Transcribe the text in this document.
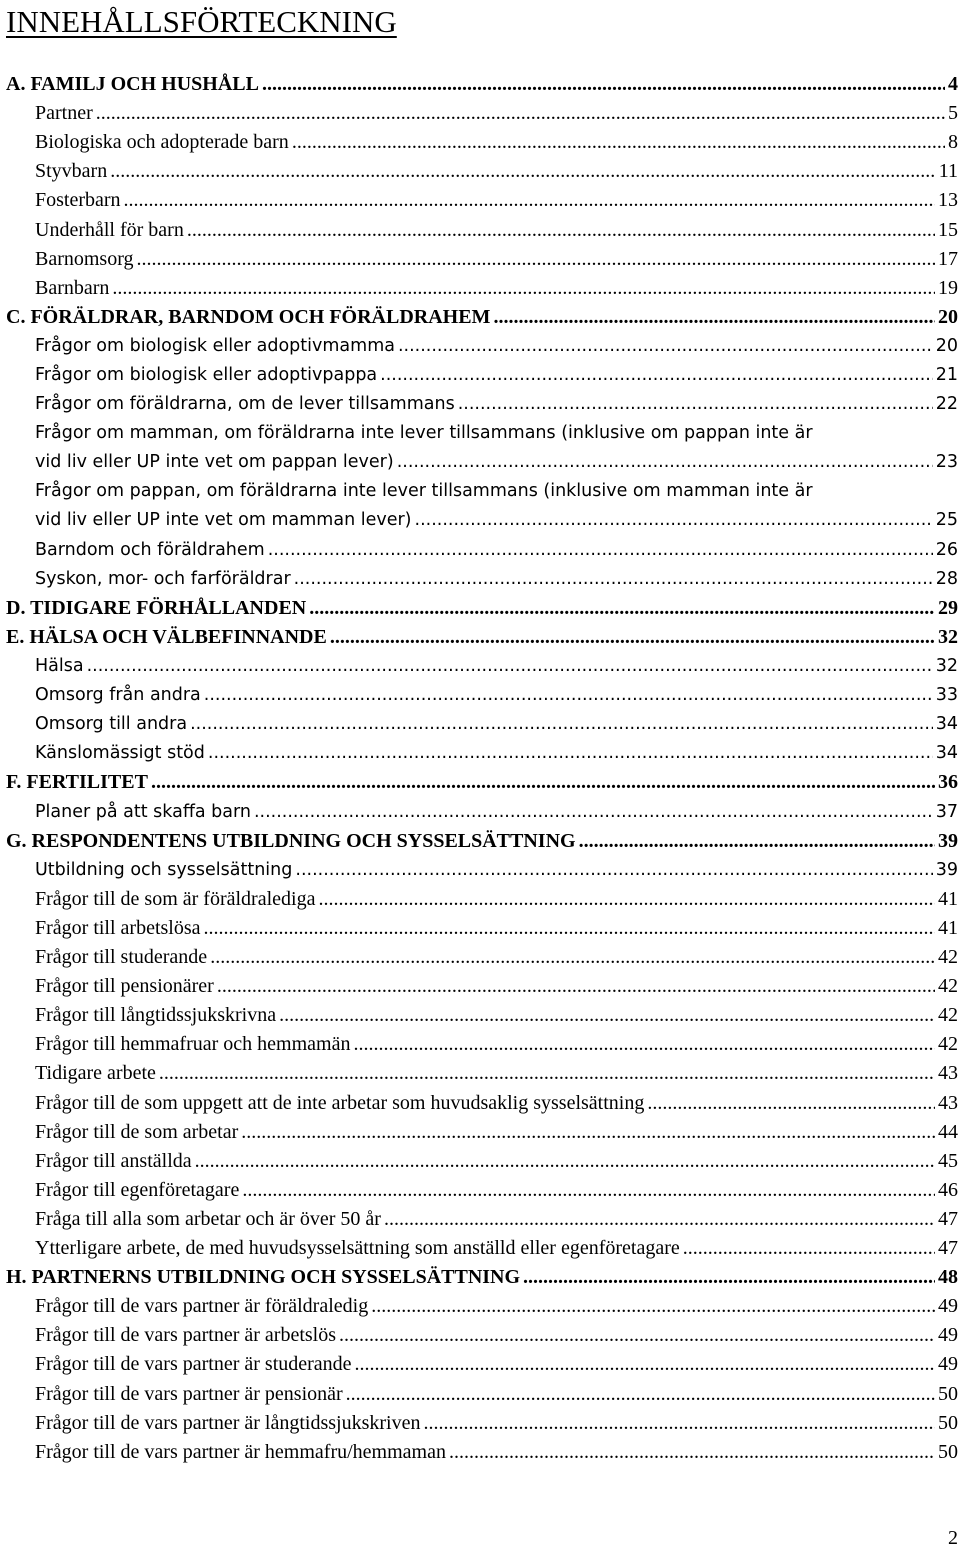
INNEHÅLLSFÖRTECKNING
A. FAMILJ OCH HUSHÅLL .....	4
Partner .....	5
Biologiska och adopterade barn .....	8
Styvbarn .....	11
Fosterbarn .....	13
Underhåll för barn .....	15
Barnomsorg .....	17
Barnbarn .....	19
C. FÖRÄLDRAR, BARNDOM OCH FÖRÄLDRAHEM .....	20
Frågor om biologisk eller adoptivmamma .....	20
Frågor om biologisk eller adoptivpappa .....	21
Frågor om föräldrarna, om de lever tillsammans .....	22
Frågor om mamman, om föräldrarna inte lever tillsammans (inklusive om pappan inte är
vid liv eller UP inte vet om pappan lever) .....	23
Frågor om pappan, om föräldrarna inte lever tillsammans (inklusive om mamman inte är
vid liv eller UP inte vet om mamman lever) .....	25
Barndom och föräldrahem .....	26
Syskon, mor- och farföräldrar .....	28
D. TIDIGARE FÖRHÅLLANDEN .....	29
E. HÄLSA OCH VÄLBEFINNANDE .....	32
Hälsa .....	32
Omsorg från andra .....	33
Omsorg till andra .....	34
Känslomässigt stöd .....	34
F. FERTILITET .....	36
Planer på att skaffa barn .....	37
G. RESPONDENTENS UTBILDNING OCH SYSSELSÄTTNING .....	39
Utbildning och sysselsättning .....	39
Frågor till de som är föräldralediga .....	41
Frågor till arbetslösa .....	41
Frågor till studerande .....	42
Frågor till pensionärer .....	42
Frågor till långtidssjukskrivna .....	42
Frågor till hemmafruar och hemmamän .....	42
Tidigare arbete .....	43
Frågor till de som uppgett att de inte arbetar som huvudsaklig sysselsättning .....	43
Frågor till de som arbetar .....	44
Frågor till anställda .....	45
Frågor till egenföretagare .....	46
Fråga till alla som arbetar och är över 50 år .....	47
Ytterligare arbete, de med huvudsysselsättning som anställd eller egenföretagare .....	47
H. PARTNERNS UTBILDNING OCH SYSSELSÄTTNING .....	48
Frågor till de vars partner är föräldraledig .....	49
Frågor till de vars partner är arbetslös .....	49
Frågor till de vars partner är studerande .....	49
Frågor till de vars partner är pensionär .....	50
Frågor till de vars partner är långtidssjukskriven .....	50
Frågor till de vars partner är hemmafru/hemmaman .....	50
2
